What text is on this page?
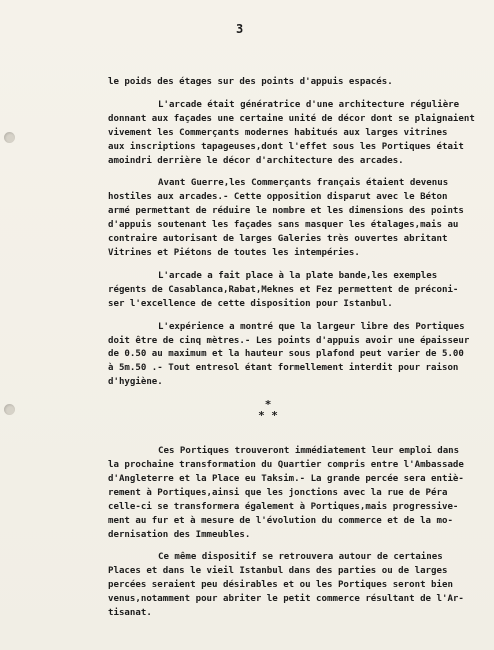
3
le poids des étages sur des points d'appuis espacés.
L'arcade était génératrice d'une architecture régulière
donnant aux façades une certaine unité de décor dont se plaignaient
vivement les Commerçants modernes habitués aux larges vitrines
aux inscriptions tapageuses,dont l'effet sous les Portiques était
amoindri derrière le décor d'architecture des arcades.
Avant Guerre,les Commerçants français étaient devenus
hostiles aux arcades.- Cette opposition disparut avec le Béton
armé permettant de réduire le nombre et les dimensions des points
d'appuis soutenant les façades sans masquer les étalages,mais au
contraire autorisant de larges Galeries très ouvertes abritant
Vitrines et Piétons de toutes les intempéries.
L'arcade a fait place à la plate bande,les exemples
régents de Casablanca,Rabat,Meknes et Fez permettent de préconi-
ser l'excellence de cette disposition pour Istanbul.
L'expérience a montré que la largeur libre des Portiques
doit être de cinq mètres.- Les points d'appuis avoir une épaisseur
de 0.50 au maximum et la hauteur sous plafond peut varier de 5.00
à 5m.50 .- Tout entresol étant formellement interdit pour raison
d'hygiène.
*
* *
Ces Portiques trouveront immédiatement leur emploi dans
la prochaine transformation du Quartier compris entre l'Ambassade
d'Angleterre et la Place eu Taksim.- La grande percée sera entiè-
rement à Portiques,ainsi que les jonctions avec la rue de Péra
celle-ci se transformera également à Portiques,mais progressive-
ment au fur et à mesure de l'évolution du commerce et de la mo-
dernisation des Immeubles.
Ce même dispositif se retrouvera autour de certaines
Places et dans le vieil Istanbul dans des parties ou de larges
percées seraient peu désirables et ou les Portiques seront bien
venus,notamment pour abriter le petit commerce résultant de l'Ar-
tisanat.
